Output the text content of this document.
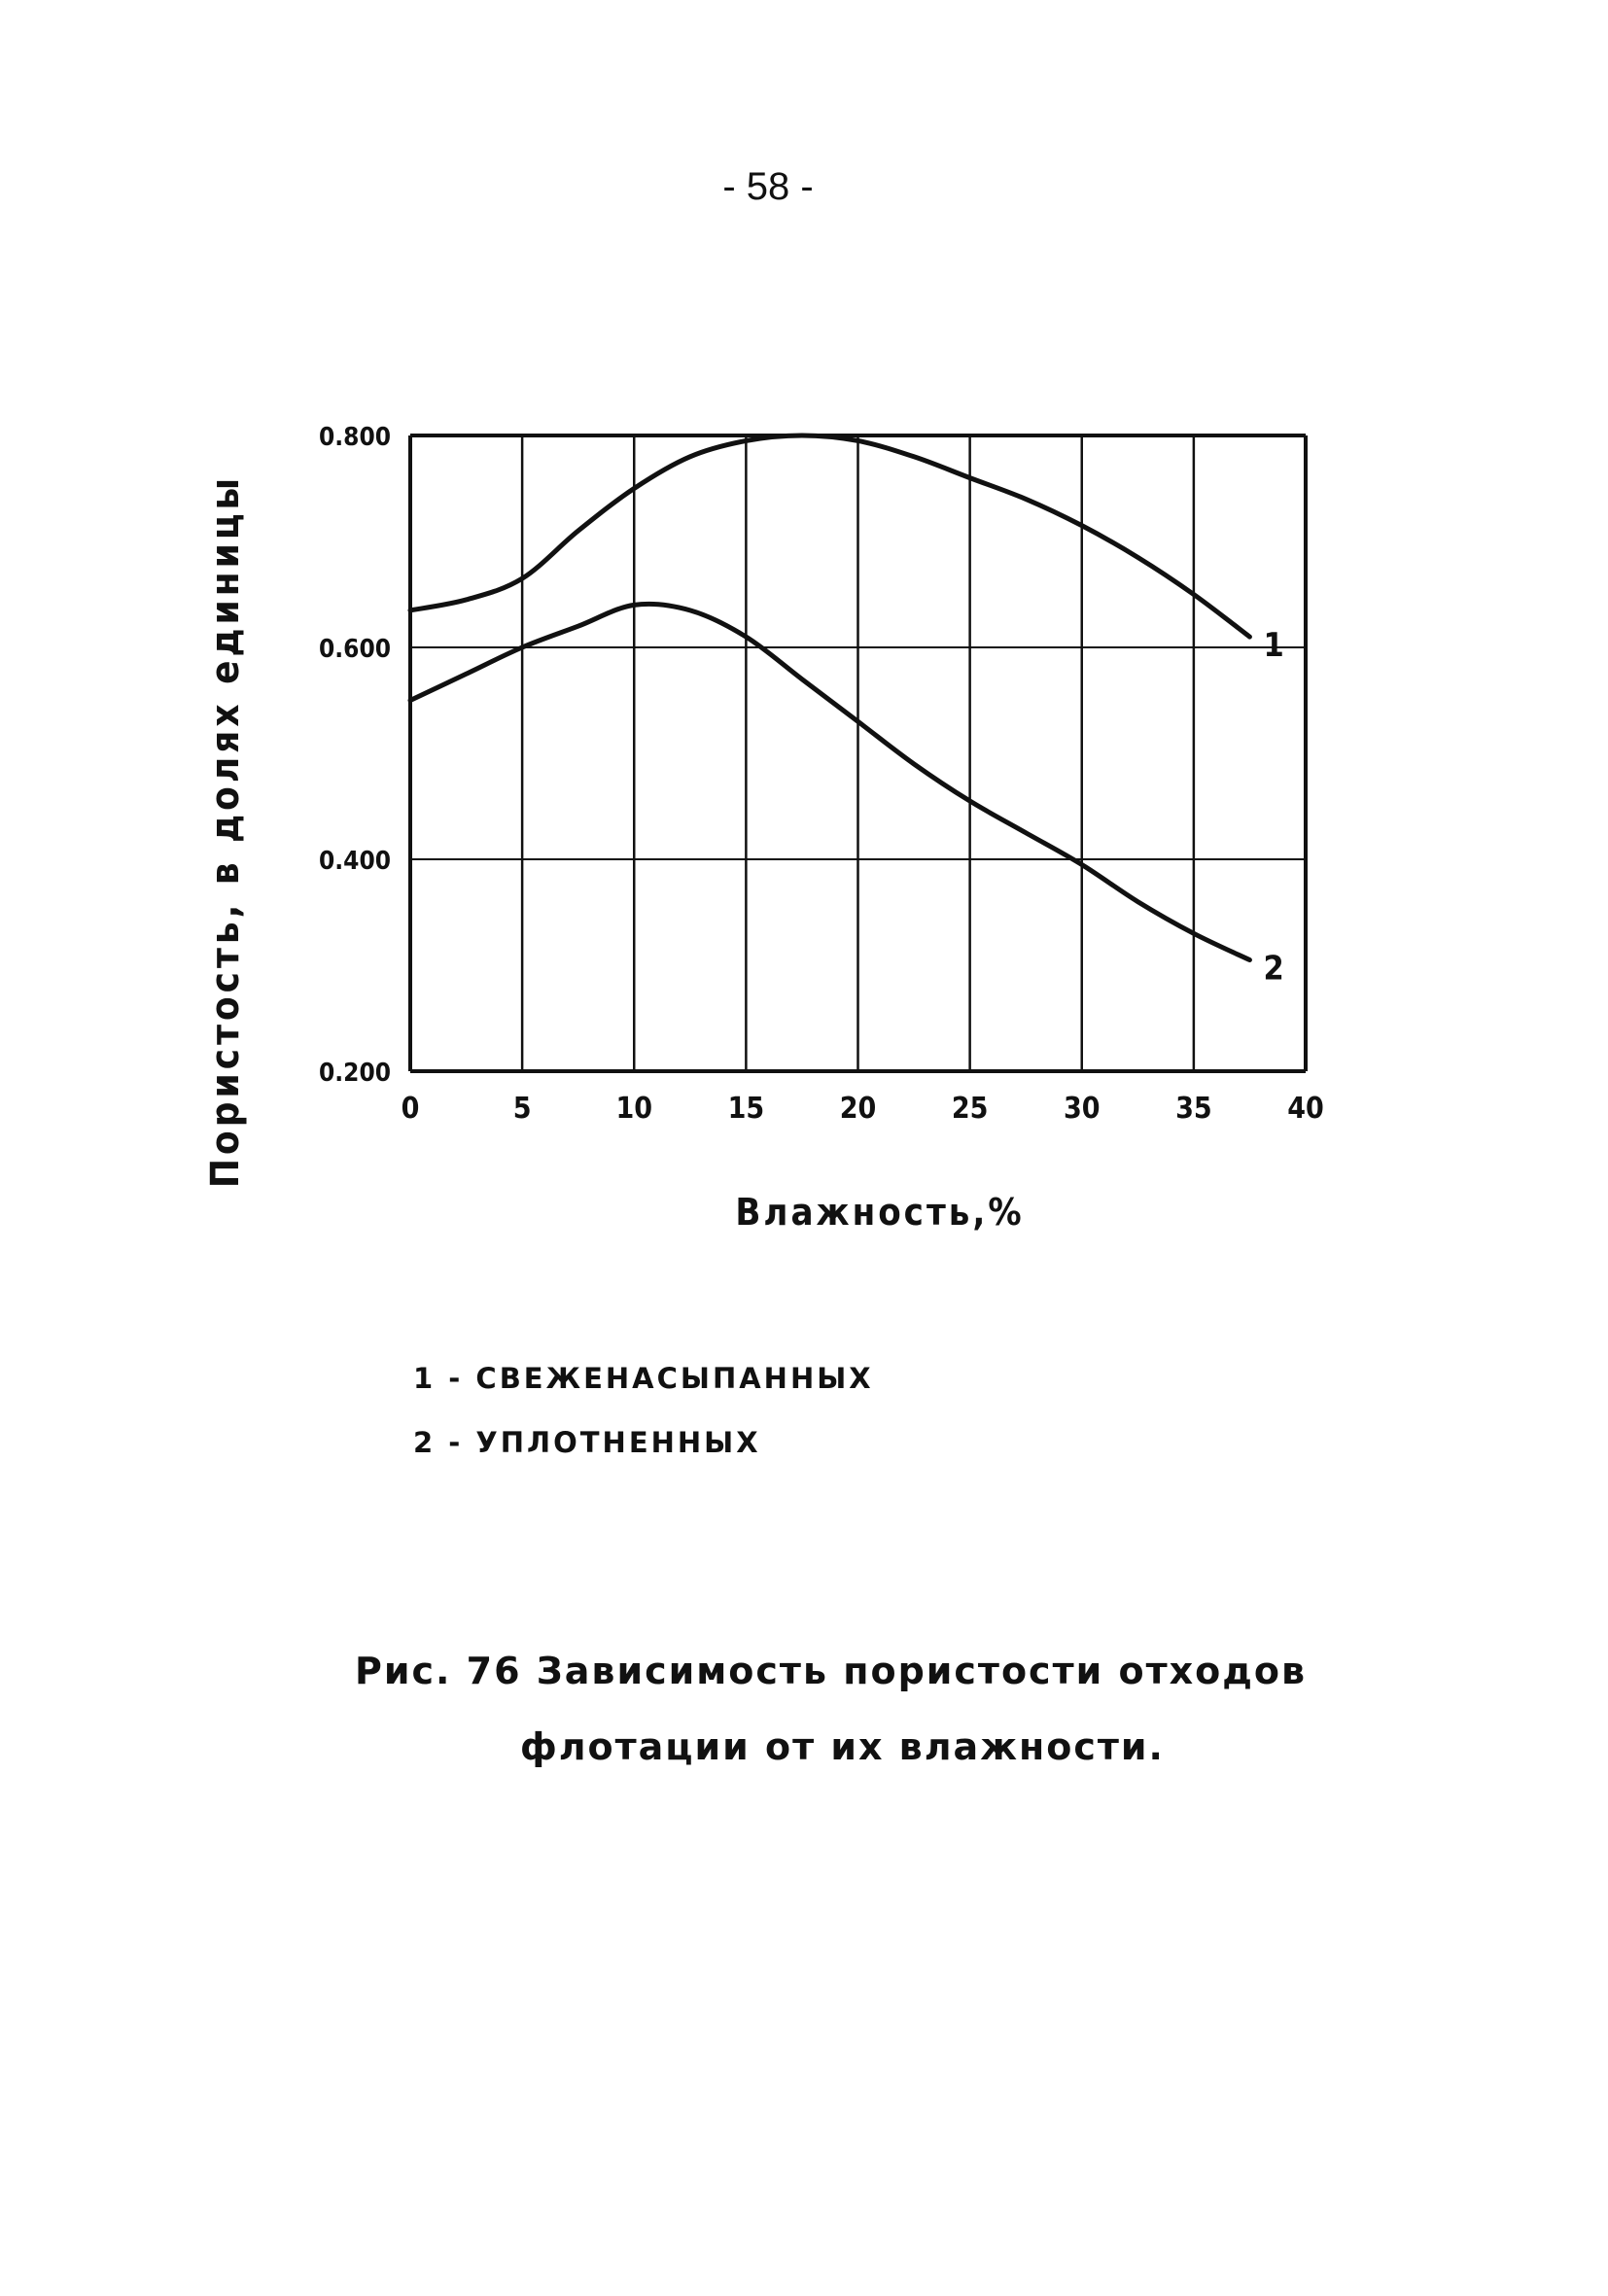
- 58 -
1
2
0	5	10	15	20	25	30	35	40
0.200
0.400
0.600
0.800
Пористость, в долях единицы
Влажность,%
1 - СВЕЖЕНАСЫПАННЫХ
2 - УПЛОТНЕННЫХ
Рис. 76 Зависимость пористости отходов
флотации от их влажности.
